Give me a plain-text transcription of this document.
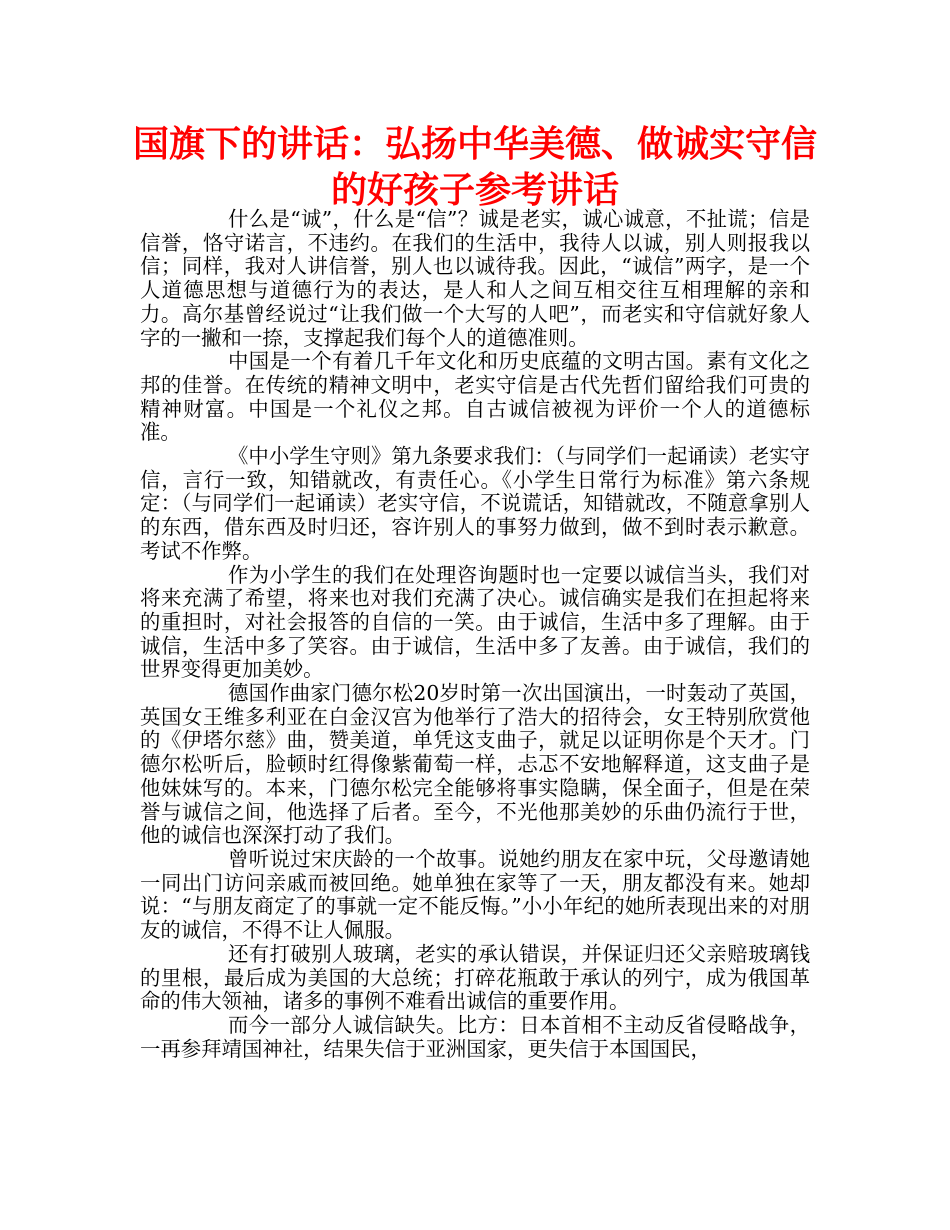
国旗下的讲话：弘扬中华美德、做诚实守信的好孩子参考讲话

什么是“诚”，什么是“信”？诚是老实，诚心诚意，不扯谎；信是信誉，恪守诺言，不违约。在我们的生活中，我待人以诚，别人则报我以信；同样，我对人讲信誉，别人也以诚待我。因此，“诚信”两字，是一个人道德思想与道德行为的表达，是人和人之间互相交往互相理解的亲和力。高尔基曾经说过“让我们做一个大写的人吧”，而老实和守信就好象人字的一撇和一捺，支撑起我们每个人的道德准则。

中国是一个有着几千年文化和历史底蕴的文明古国。素有文化之邦的佳誉。在传统的精神文明中，老实守信是古代先哲们留给我们可贵的精神财富。中国是一个礼仪之邦。自古诚信被视为评价一个人的道德标准。

《中小学生守则》第九条要求我们：（与同学们一起诵读）老实守信，言行一致，知错就改，有责任心。《小学生日常行为标准》第六条规定：（与同学们一起诵读）老实守信，不说谎话，知错就改，不随意拿别人的东西，借东西及时归还，容许别人的事努力做到，做不到时表示歉意。考试不作弊。

作为小学生的我们在处理咨询题时也一定要以诚信当头，我们对将来充满了希望，将来也对我们充满了决心。诚信确实是我们在担起将来的重担时，对社会报答的自信的一笑。由于诚信，生活中多了理解。由于诚信，生活中多了笑容。由于诚信，生活中多了友善。由于诚信，我们的世界变得更加美妙。

德国作曲家门德尔松20岁时第一次出国演出，一时轰动了英国，英国女王维多利亚在白金汉宫为他举行了浩大的招待会，女王特别欣赏他的《伊塔尔慈》曲，赞美道，单凭这支曲子，就足以证明你是个天才。门德尔松听后，脸顿时红得像紫葡萄一样，忐忑不安地解释道，这支曲子是他妹妹写的。本来，门德尔松完全能够将事实隐瞒，保全面子，但是在荣誉与诚信之间，他选择了后者。至今，不光他那美妙的乐曲仍流行于世，他的诚信也深深打动了我们。

曾听说过宋庆龄的一个故事。说她约朋友在家中玩，父母邀请她一同出门访问亲戚而被回绝。她单独在家等了一天，朋友都没有来。她却说：“与朋友商定了的事就一定不能反悔。”小小年纪的她所表现出来的对朋友的诚信，不得不让人佩服。

还有打破别人玻璃，老实的承认错误，并保证归还父亲赔玻璃钱的里根，最后成为美国的大总统；打碎花瓶敢于承认的列宁，成为俄国革命的伟大领袖，诸多的事例不难看出诚信的重要作用。

而今一部分人诚信缺失。比方：日本首相不主动反省侵略战争，一再参拜靖国神社，结果失信于亚洲国家，更失信于本国国民，
